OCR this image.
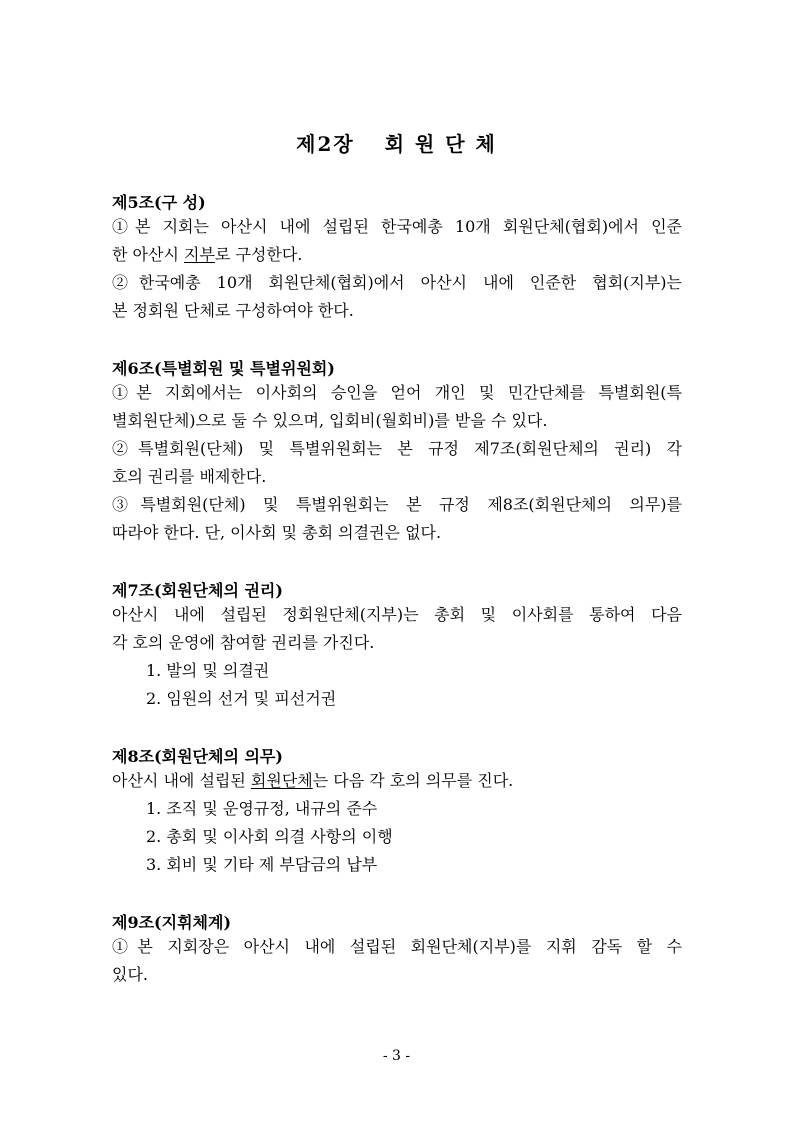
제2장 회 원 단 체
제5조(구 성)
①본 지회는 아산시 내에 설립된 한국예총 10개 회원단체(협회)에서 인준
한 아산시 지부로 구성한다.
②한국예총 10개 회원단체(협회)에서 아산시 내에 인준한 협회(지부)는
본 정회원 단체로 구성하여야 한다.
제6조(특별회원 및 특별위원회)
①본 지회에서는 이사회의 승인을 얻어 개인 및 민간단체를 특별회원(특
별회원단체)으로 둘 수 있으며, 입회비(월회비)를 받을 수 있다.
②특별회원(단체) 및 특별위원회는 본 규정 제7조(회원단체의 권리) 각
호의 권리를 배제한다.
③특별회원(단체) 및 특별위원회는 본 규정 제8조(회원단체의 의무)를
따라야 한다. 단, 이사회 및 총회 의결권은 없다.
제7조(회원단체의 권리)
아산시 내에 설립된 정회원단체(지부)는 총회 및 이사회를 통하여 다음
각 호의 운영에 참여할 권리를 가진다.
1. 발의 및 의결권
2. 임원의 선거 및 피선거권
제8조(회원단체의 의무)
아산시 내에 설립된 회원단체는 다음 각 호의 의무를 진다.
1. 조직 및 운영규정, 내규의 준수
2. 총회 및 이사회 의결 사항의 이행
3. 회비 및 기타 제 부담금의 납부
제9조(지휘체계)
①본 지회장은 아산시 내에 설립된 회원단체(지부)를 지휘 감독 할 수
있다.
- 3 -
